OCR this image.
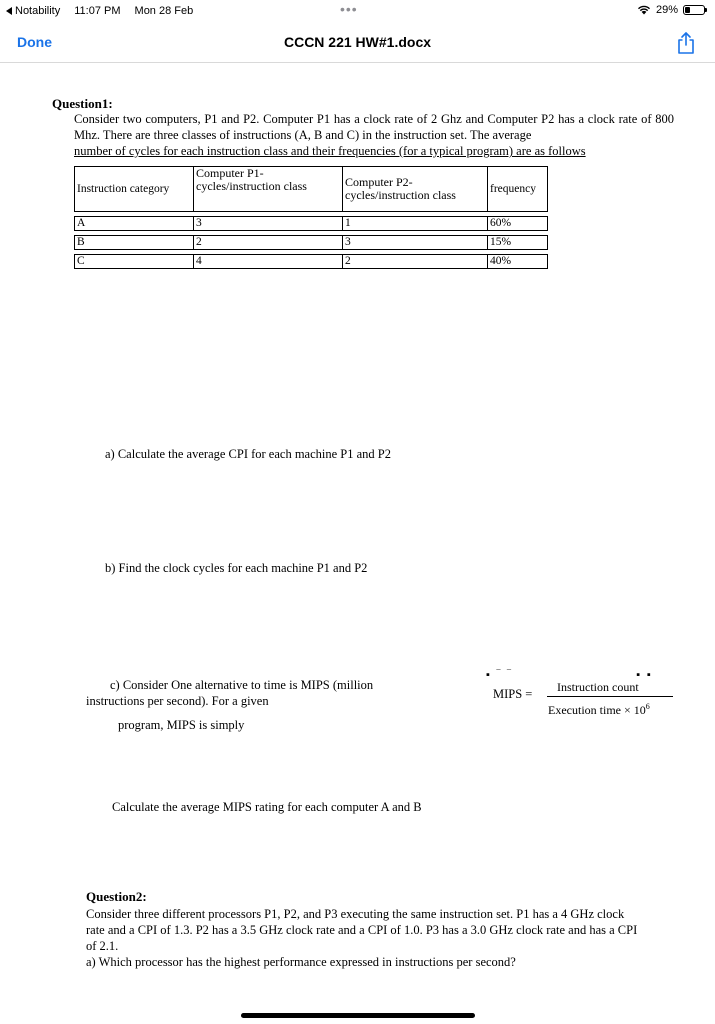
Notability 11:07 PM Mon 28 Feb	•••	29%
Done	CCCN 221 HW#1.docx

Question1:

Consider two computers, P1 and P2. Computer P1 has a clock rate of 2 Ghz and Computer P2 has a clock rate of 800 Mhz. There are three classes of instructions (A, B and C) in the instruction set. The average

number of cycles for each instruction class and their frequencies (for a typical program) are as follows

Instruction category	Computer P1-cycles/instruction class	Computer P2-cycles/instruction class	frequency

A	3	1	60%

B	2	3	15%

C	4	2	40%

a) Calculate the average CPI for each machine P1 and P2

b) Find the clock cycles for each machine P1 and P2

c) Consider One alternative to time is MIPS (million

instructions per second). For a given

program, MIPS is simply

▪ ‾ ‾                          ▪ ▪

MIPS = Instruction count

Execution time × $10^6$

Calculate the average MIPS rating for each computer A and B

Question2:

Consider three different processors P1, P2, and P3 executing the same instruction set. P1 has a 4 GHz clock rate and a CPI of 1.3. P2 has a 3.5 GHz clock rate and a CPI of 1.0. P3 has a 3.0 GHz clock rate and has a CPI of 2.1.

a) Which processor has the highest performance expressed in instructions per second?
